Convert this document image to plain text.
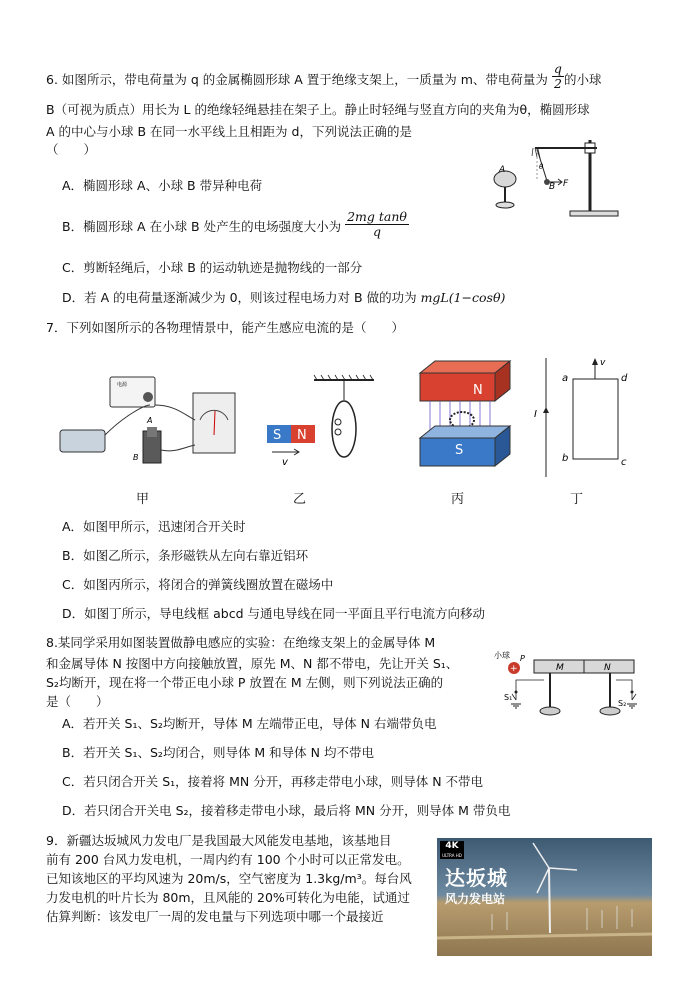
6. 如图所示，带电荷量为 q 的金属椭圆形球 A 置于绝缘支架上，一质量为 m、带电荷量为 $\frac{q}{2}$ 的小球
B（可视为质点）用长为 L 的绝缘轻绳悬挂在架子上。静止时轻绳与竖直方向的夹角为θ，椭圆形球
A 的中心与小球 B 在同一水平线上且相距为 d，下列说法正确的是
（　　）
A．椭圆形球 A、小球 B 带异种电荷
B．椭圆形球 A 在小球 B 处产生的电场强度大小为 $\frac{\text{2mg tanθ}}{q}$
C．剪断轻绳后，小球 B 的运动轨迹是抛物线的一部分
D．若 A 的电荷量逐渐减少为 0，则该过程电场力对 B 做的功为 mgL(1−cosθ)
A
B F
θ
7．下列如图所示的各物理情景中，能产生感应电流的是（　　）
电源
A
B
甲
S N
v
乙
N
S
丙
I
v
a
b	c
d
丁
A．如图甲所示，迅速闭合开关时
B．如图乙所示，条形磁铁从左向右靠近铝环
C．如图丙所示，将闭合的弹簧线圈放置在磁场中
D．如图丁所示，导电线框 abcd 与通电导线在同一平面且平行电流方向移动
8.某同学采用如图装置做静电感应的实验：在绝缘支架上的金属导体 M
和金属导体 N 按图中方向接触放置，原先 M、N 都不带电，先让开关 S₁、
S₂均断开，现在将一个带正电小球 P 放置在 M 左侧，则下列说法正确的
是（　　）
小球 P
+	M	N
S₁
S₂
A．若开关 S₁、S₂均断开，导体 M 左端带正电，导体 N 右端带负电
B．若开关 S₁、S₂均闭合，则导体 M 和导体 N 均不带电
C．若只闭合开关 S₁，接着将 MN 分开，再移走带电小球，则导体 N 不带电
D．若只闭合开关电 S₂，接着移走带电小球，最后将 MN 分开，则导体 M 带负电
9．新疆达坂城风力发电厂是我国最大风能发电基地，该基地目
前有 200 台风力发电机，一周内约有 100 个小时可以正常发电。
已知该地区的平均风速为 20m/s，空气密度为 1.3kg/m³。每台风
力发电机的叶片长为 80m，且风能的 20%可转化为电能，试通过
估算判断：该发电厂一周的发电量与下列选项中哪一个最接近
4K
ULTRA HD
达坂城
风力发电站
